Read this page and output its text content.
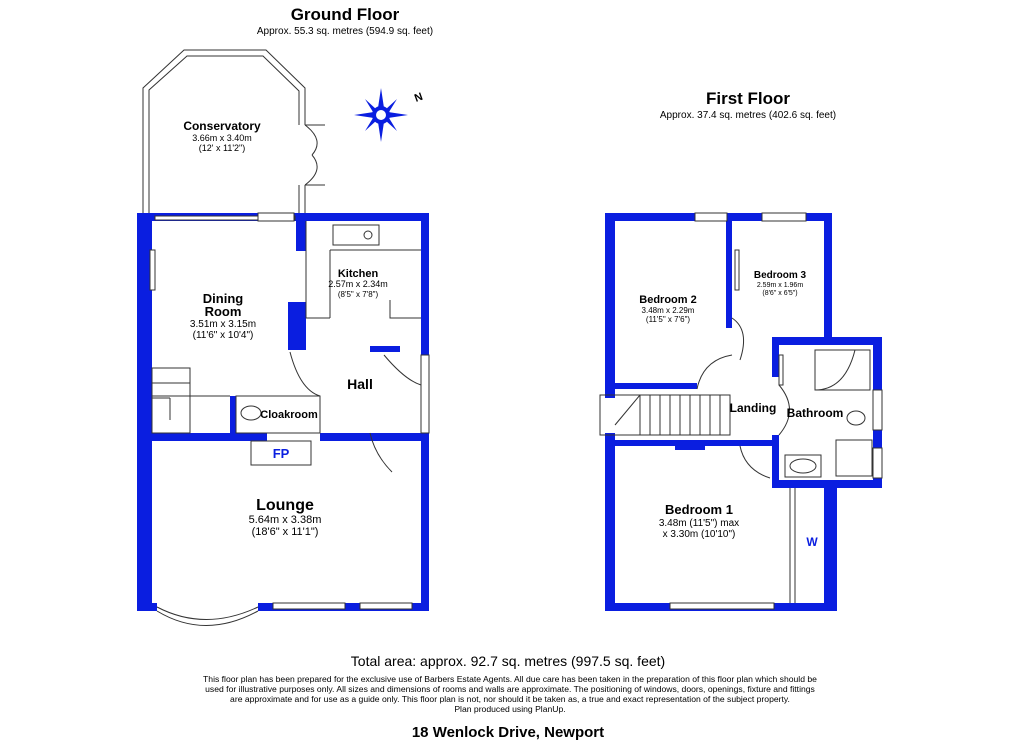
Ground Floor
Approx. 55.3 sq. metres (594.9 sq. feet)
N
FP
Conservatory
3.66m x 3.40m
(12' x 11'2")
Kitchen
2.57m x 2.34m
(8'5" x 7'8")
Dining
Room
3.51m x 3.15m
(11'6" x 10'4")
Hall
Cloakroom
Lounge
5.64m x 3.38m
(18'6" x 11'1")
First Floor
Approx. 37.4 sq. metres (402.6 sq. feet)
Bedroom 2
3.48m x 2.29m
(11'5" x 7'6")
Bedroom 3
2.59m x 1.96m
(8'6" x 6'5")
Landing Bathroom
Bedroom 1
3.48m (11'5") max
x 3.30m (10'10")
W
Total area: approx. 92.7 sq. metres (997.5 sq. feet)
This floor plan has been prepared for the exclusive use of Barbers Estate Agents. All due care has been taken in the preparation of this floor plan which should be
used for illustrative purposes only. All sizes and dimensions of rooms and walls are approximate. The positioning of windows, doors, openings, fixture and fittings
are approximate and for use as a guide only. This floor plan is not, nor should it be taken as, a true and exact representation of the subject property.
Plan produced using PlanUp.
18 Wenlock Drive, Newport
